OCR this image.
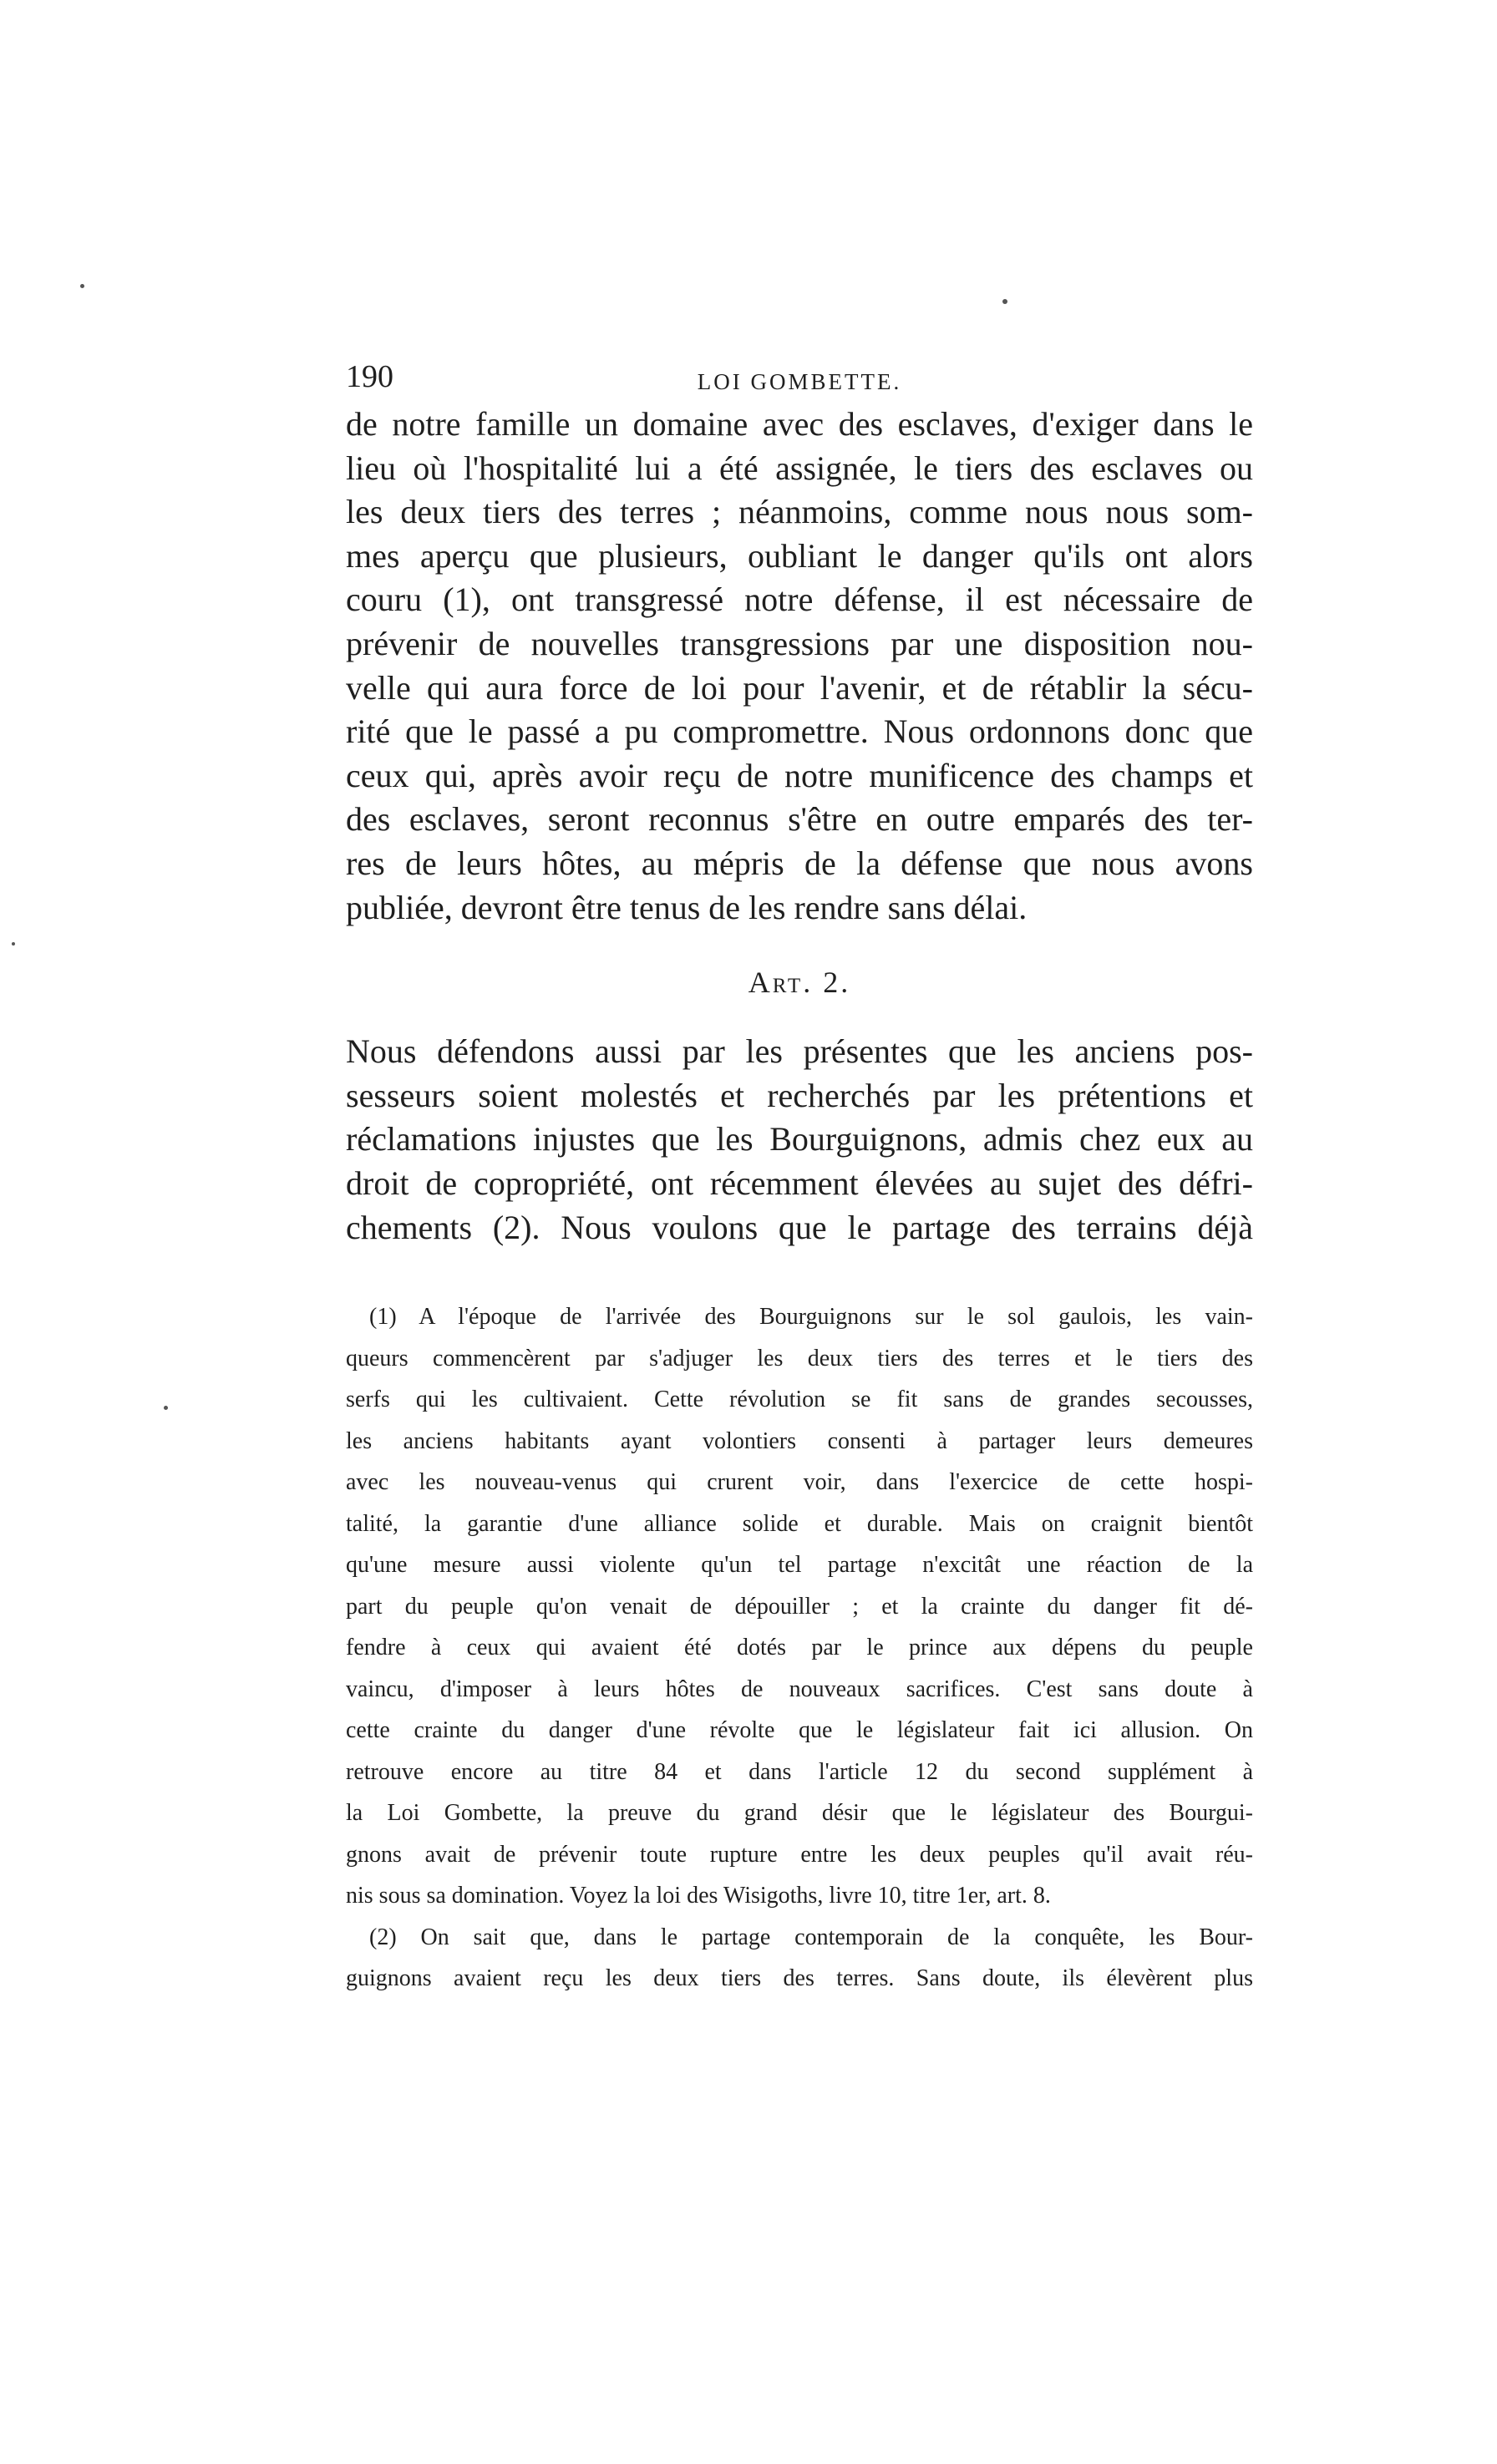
190	LOI GOMBETTE.

de notre famille un domaine avec des esclaves, d'exiger dans le

lieu où l'hospitalité lui a été assignée, le tiers des esclaves ou

les deux tiers des terres ; néanmoins, comme nous nous som-

mes aperçu que plusieurs, oubliant le danger qu'ils ont alors

couru (1), ont transgressé notre défense, il est nécessaire de

prévenir de nouvelles transgressions par une disposition nou-

velle qui aura force de loi pour l'avenir, et de rétablir la sécu-

rité que le passé a pu compromettre. Nous ordonnons donc que

ceux qui, après avoir reçu de notre munificence des champs et

des esclaves, seront reconnus s'être en outre emparés des ter-

res de leurs hôtes, au mépris de la défense que nous avons

publiée, devront être tenus de les rendre sans délai.

Art. 2.

Nous défendons aussi par les présentes que les anciens pos-

sesseurs soient molestés et recherchés par les prétentions et

réclamations injustes que les Bourguignons, admis chez eux au

droit de copropriété, ont récemment élevées au sujet des défri-

chements (2). Nous voulons que le partage des terrains déjà

(1) A l'époque de l'arrivée des Bourguignons sur le sol gaulois, les vain-

queurs commencèrent par s'adjuger les deux tiers des terres et le tiers des

serfs qui les cultivaient. Cette révolution se fit sans de grandes secousses,

les anciens habitants ayant volontiers consenti à partager leurs demeures

avec les nouveau-venus qui crurent voir, dans l'exercice de cette hospi-

talité, la garantie d'une alliance solide et durable. Mais on craignit bientôt

qu'une mesure aussi violente qu'un tel partage n'excitât une réaction de la

part du peuple qu'on venait de dépouiller ; et la crainte du danger fit dé-

fendre à ceux qui avaient été dotés par le prince aux dépens du peuple

vaincu, d'imposer à leurs hôtes de nouveaux sacrifices. C'est sans doute à

cette crainte du danger d'une révolte que le législateur fait ici allusion. On

retrouve encore au titre 84 et dans l'article 12 du second supplément à

la Loi Gombette, la preuve du grand désir que le législateur des Bourgui-

gnons avait de prévenir toute rupture entre les deux peuples qu'il avait réu-

nis sous sa domination. Voyez la loi des Wisigoths, livre 10, titre 1er, art. 8.

(2) On sait que, dans le partage contemporain de la conquête, les Bour-

guignons avaient reçu les deux tiers des terres. Sans doute, ils élevèrent plus
